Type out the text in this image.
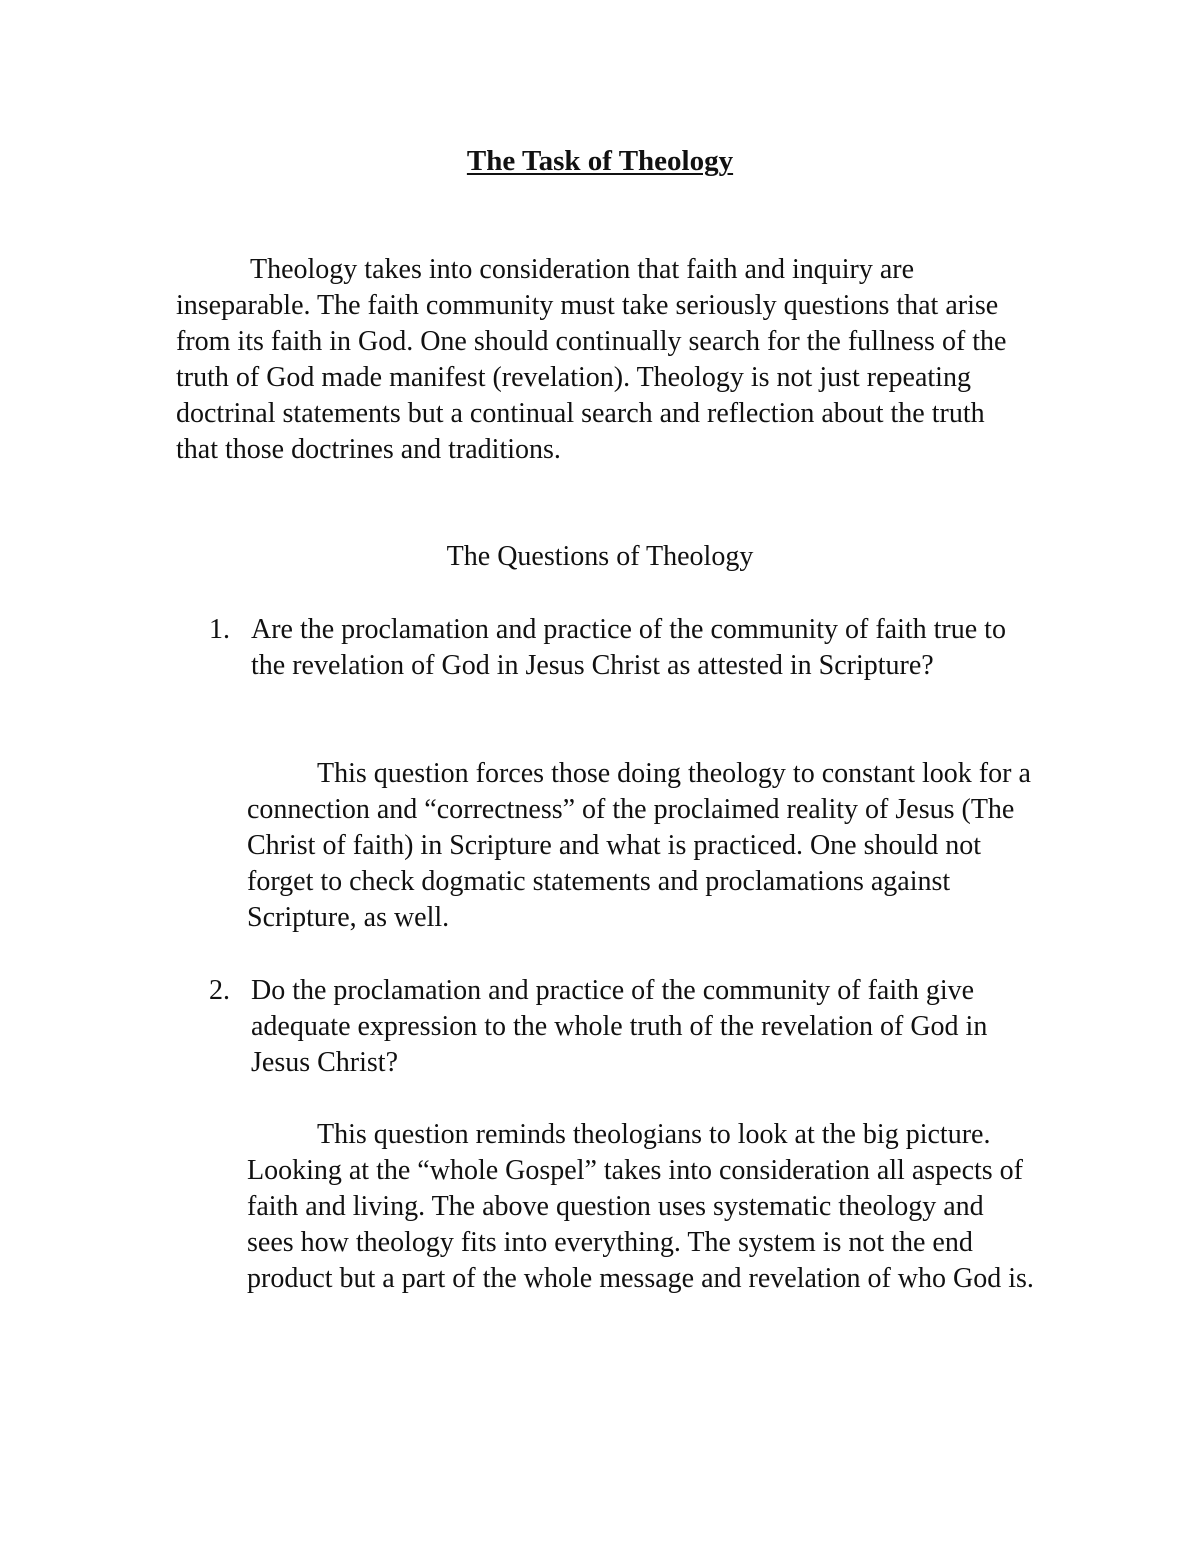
The Task of Theology

Theology takes into consideration that faith and inquiry are inseparable. The faith community must take seriously questions that arise from its faith in God. One should continually search for the fullness of the truth of God made manifest (revelation). Theology is not just repeating doctrinal statements but a continual search and reflection about the truth that those doctrines and traditions.

The Questions of Theology
1. Are the proclamation and practice of the community of faith true to the revelation of God in Jesus Christ as attested in Scripture?

This question forces those doing theology to constant look for a connection and “correctness” of the proclaimed reality of Jesus (The Christ of faith) in Scripture and what is practiced. One should not forget to check dogmatic statements and proclamations against Scripture, as well.

2. Do the proclamation and practice of the community of faith give adequate expression to the whole truth of the revelation of God in Jesus Christ?

This question reminds theologians to look at the big picture. Looking at the “whole Gospel” takes into consideration all aspects of faith and living. The above question uses systematic theology and sees how theology fits into everything. The system is not the end product but a part of the whole message and revelation of who God is.
